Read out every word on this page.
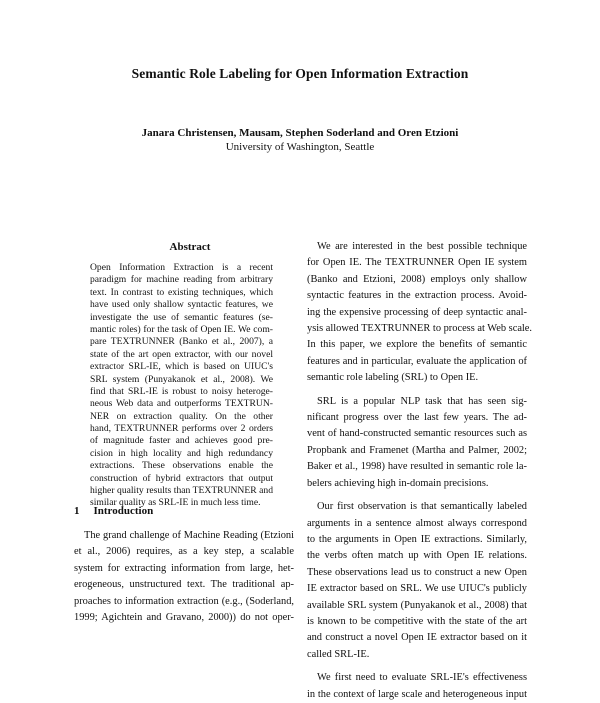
Semantic Role Labeling for Open Information Extraction
Janara Christensen, Mausam, Stephen Soderland and Oren Etzioni
University of Washington, Seattle
Abstract
Open Information Extraction is a recent
paradigm for machine reading from arbitrary
text. In contrast to existing techniques, which
have used only shallow syntactic features, we
investigate the use of semantic features (se-
mantic roles) for the task of Open IE. We com-
pare TEXTRUNNER (Banko et al., 2007), a
state of the art open extractor, with our novel
extractor SRL-IE, which is based on UIUC's
SRL system (Punyakanok et al., 2008). We
find that SRL-IE is robust to noisy heteroge-
neous Web data and outperforms TEXTRUN-
NER on extraction quality. On the other
hand, TEXTRUNNER performs over 2 orders
of magnitude faster and achieves good pre-
cision in high locality and high redundancy
extractions. These observations enable the
construction of hybrid extractors that output
higher quality results than TEXTRUNNER and
similar quality as SRL-IE in much less time.
1 Introduction
The grand challenge of Machine Reading (Etzioni
et al., 2006) requires, as a key step, a scalable
system for extracting information from large, het-
erogeneous, unstructured text. The traditional ap-
proaches to information extraction (e.g., (Soderland,
1999; Agichtein and Gravano, 2000)) do not oper-
We are interested in the best possible technique
for Open IE. The TEXTRUNNER Open IE system
(Banko and Etzioni, 2008) employs only shallow
syntactic features in the extraction process. Avoid-
ing the expensive processing of deep syntactic anal-
ysis allowed TEXTRUNNER to process at Web scale.
In this paper, we explore the benefits of semantic
features and in particular, evaluate the application of
semantic role labeling (SRL) to Open IE.
SRL is a popular NLP task that has seen sig-
nificant progress over the last few years. The ad-
vent of hand-constructed semantic resources such as
Propbank and Framenet (Martha and Palmer, 2002;
Baker et al., 1998) have resulted in semantic role la-
belers achieving high in-domain precisions.
Our first observation is that semantically labeled
arguments in a sentence almost always correspond
to the arguments in Open IE extractions. Similarly,
the verbs often match up with Open IE relations.
These observations lead us to construct a new Open
IE extractor based on SRL. We use UIUC's publicly
available SRL system (Punyakanok et al., 2008) that
is known to be competitive with the state of the art
and construct a novel Open IE extractor based on it
called SRL-IE.
We first need to evaluate SRL-IE's effectiveness
in the context of large scale and heterogeneous input
